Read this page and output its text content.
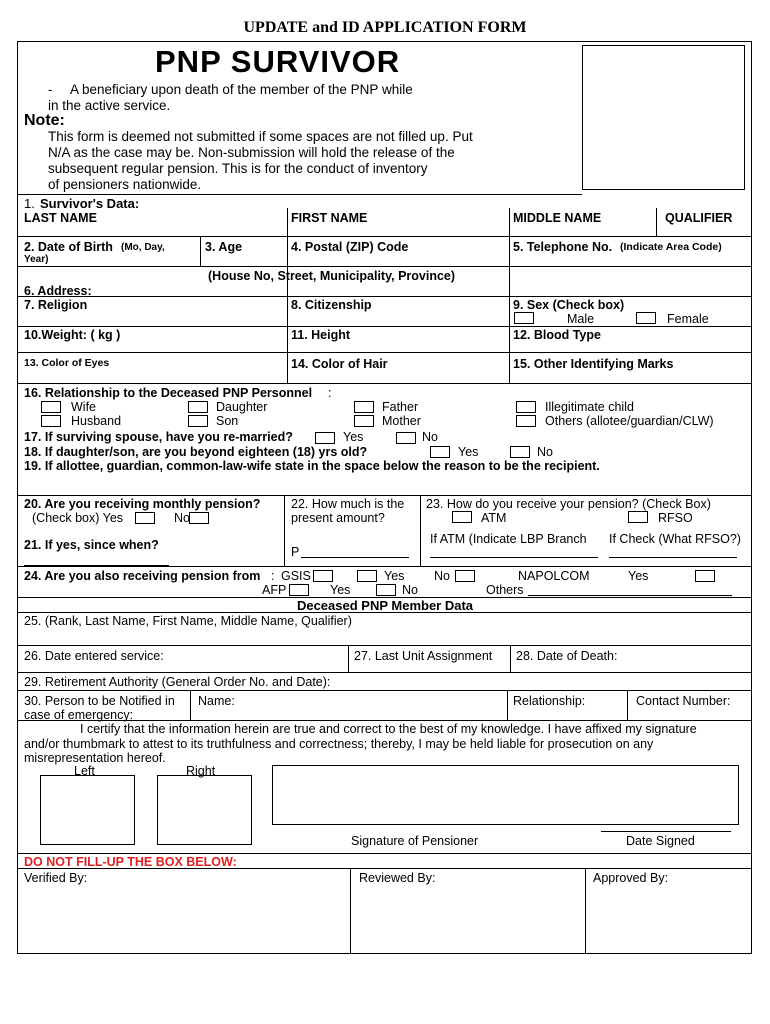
UPDATE and ID APPLICATION FORM
PNP SURVIVOR
- A beneficiary upon death of the member of the PNP while
in the active service.
Note:
This form is deemed not submitted if some spaces are not filled up. Put
N/A as the case may be. Non-submission will hold the release of the
subsequent regular pension. This is for the conduct of inventory
of pensioners nationwide.
1. Survivor's Data:
LAST NAME	FIRST NAME	MIDDLE NAME	QUALIFIER
2. Date of Birth (Mo, Day,
Year)
3. Age	4. Postal (ZIP) Code	5. Telephone No. (Indicate Area Code)
(House No, Street, Municipality, Province)
6. Address:
7. Religion	8. Citizenship	9. Sex (Check box)
Male	Female
10.Weight: ( kg )	11. Height	12. Blood Type
13. Color of Eyes	14. Color of Hair	15. Other Identifying Marks
16. Relationship to the Deceased PNP Personnel :
Wife
Husband
Daughter
Son
Father
Mother
Illegitimate child
Others (allotee/guardian/CLW)
17. If surviving spouse, have you re-married?	Yes	No
18. If daughter/son, are you beyond eighteen (18) yrs old?	Yes	No
19. If allottee, guardian, common-law-wife state in the space below the reason to be the recipient.
20. Are you receiving monthly pension?
(Check box) Yes	No
21. If yes, since when?
22. How much is the
present amount?
P
23. How do you receive your pension? (Check Box)
ATM	RFSO
If ATM (Indicate LBP Branch If Check (What RFSO?)
24. Are you also receiving pension from : GSIS	Yes No	NAPOLCOM	Yes
AFP	Yes	No	Others
Deceased PNP Member Data
25. (Rank, Last Name, First Name, Middle Name, Qualifier)
26. Date entered service:	27. Last Unit Assignment 28. Date of Death:
29. Retirement Authority (General Order No. and Date):
30. Person to be Notified in
case of emergency:
Name:	Relationship:	Contact Number:
I certify that the information herein are true and correct to the best of my knowledge. I have affixed my signature
and/or thumbmark to attest to its truthfulness and correctness; thereby, I may be held liable for prosecution on any
misrepresentation hereof.
Left	Right
Signature of Pensioner	Date Signed
DO NOT FILL-UP THE BOX BELOW:
Verified By:	Reviewed By:	Approved By:
